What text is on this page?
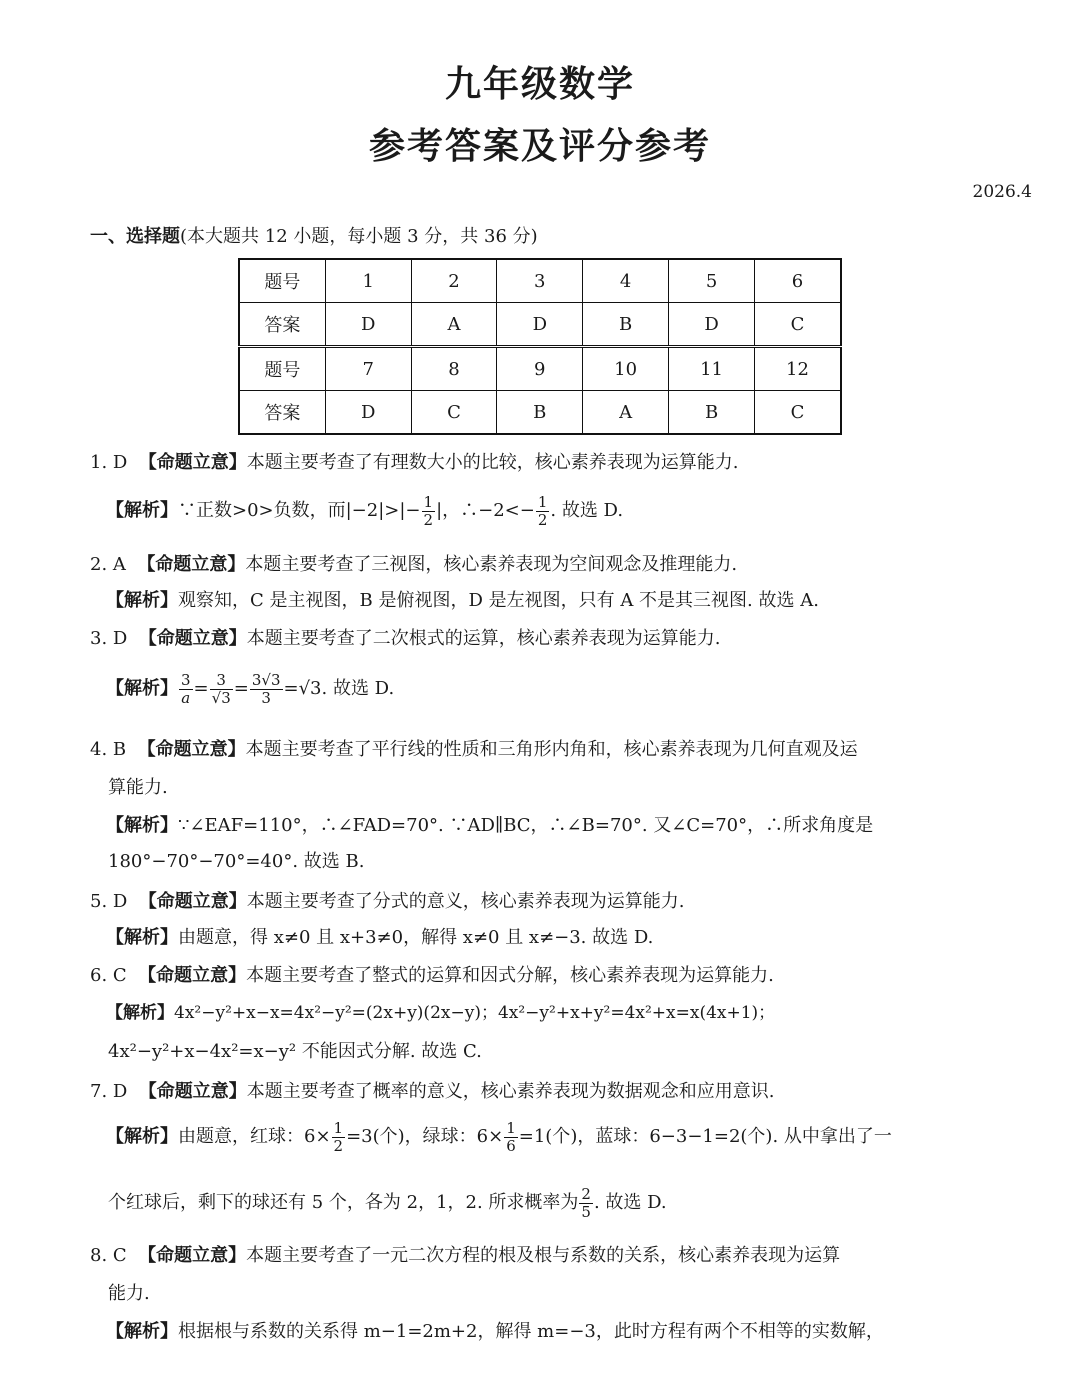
九年级数学
参考答案及评分参考
2026.4
一、选择题(本大题共 12 小题，每小题 3 分，共 36 分)
题号	1	2	3	4	5	6
答案	D	A	D	B	D	C
题号	7	8	9	10	11	12
答案	D	C	B	A	B	C
1. D 【命题立意】本题主要考查了有理数大小的比较，核心素养表现为运算能力.
【解析】∵正数>0>负数，而$|-2|>|- \frac{1}{2}$ |，∴−2<− $\frac{1}{2}$ . 故选 D.
2. A 【命题立意】本题主要考查了三视图，核心素养表现为空间观念及推理能力.
【解析】观察知，C 是主视图，B 是俯视图，D 是左视图，只有 A 不是其三视图. 故选 A.
3. D 【命题立意】本题主要考查了二次根式的运算，核心素养表现为运算能力.
【解析】 $\frac{3}{a} = \frac{3}{√3} = \frac{3√3}{3} =√3$. 故选 D.
4. B 【命题立意】本题主要考查了平行线的性质和三角形内角和，核心素养表现为几何直观及运
算能力.
【解析】∵∠EAF=110°，∴∠FAD=70°. ∵AD∥BC，∴∠B=70°. 又∠C=70°，∴所求角度是
180°−70°−70°=40°. 故选 B.
5. D 【命题立意】本题主要考查了分式的意义，核心素养表现为运算能力.
【解析】由题意，得 x≠0 且 x+3≠0，解得 x≠0 且 x≠−3. 故选 D.
6. C 【命题立意】本题主要考查了整式的运算和因式分解，核心素养表现为运算能力.
【解析】4x²−y²+x−x=4x²−y²=(2x+y)(2x−y)；4x²−y²+x+y²=4x²+x=x(4x+1)；
4x²−y²+x−4x²=x−y² 不能因式分解. 故选 C.
7. D 【命题立意】本题主要考查了概率的意义，核心素养表现为数据观念和应用意识.
【解析】由题意，红球：$6\times \frac{1}{2} =3$(个)，绿球：$6\times \frac{1}{6} =1$(个)，蓝球：6−3−1=2(个). 从中拿出了一
个红球后，剩下的球还有 5 个，各为 2，1，2. 所求概率为 $\frac{2}{5}$ . 故选 D.
8. C 【命题立意】本题主要考查了一元二次方程的根及根与系数的关系，核心素养表现为运算
能力.
【解析】根据根与系数的关系得 m−1=2m+2，解得 m=−3，此时方程有两个不相等的实数解，
